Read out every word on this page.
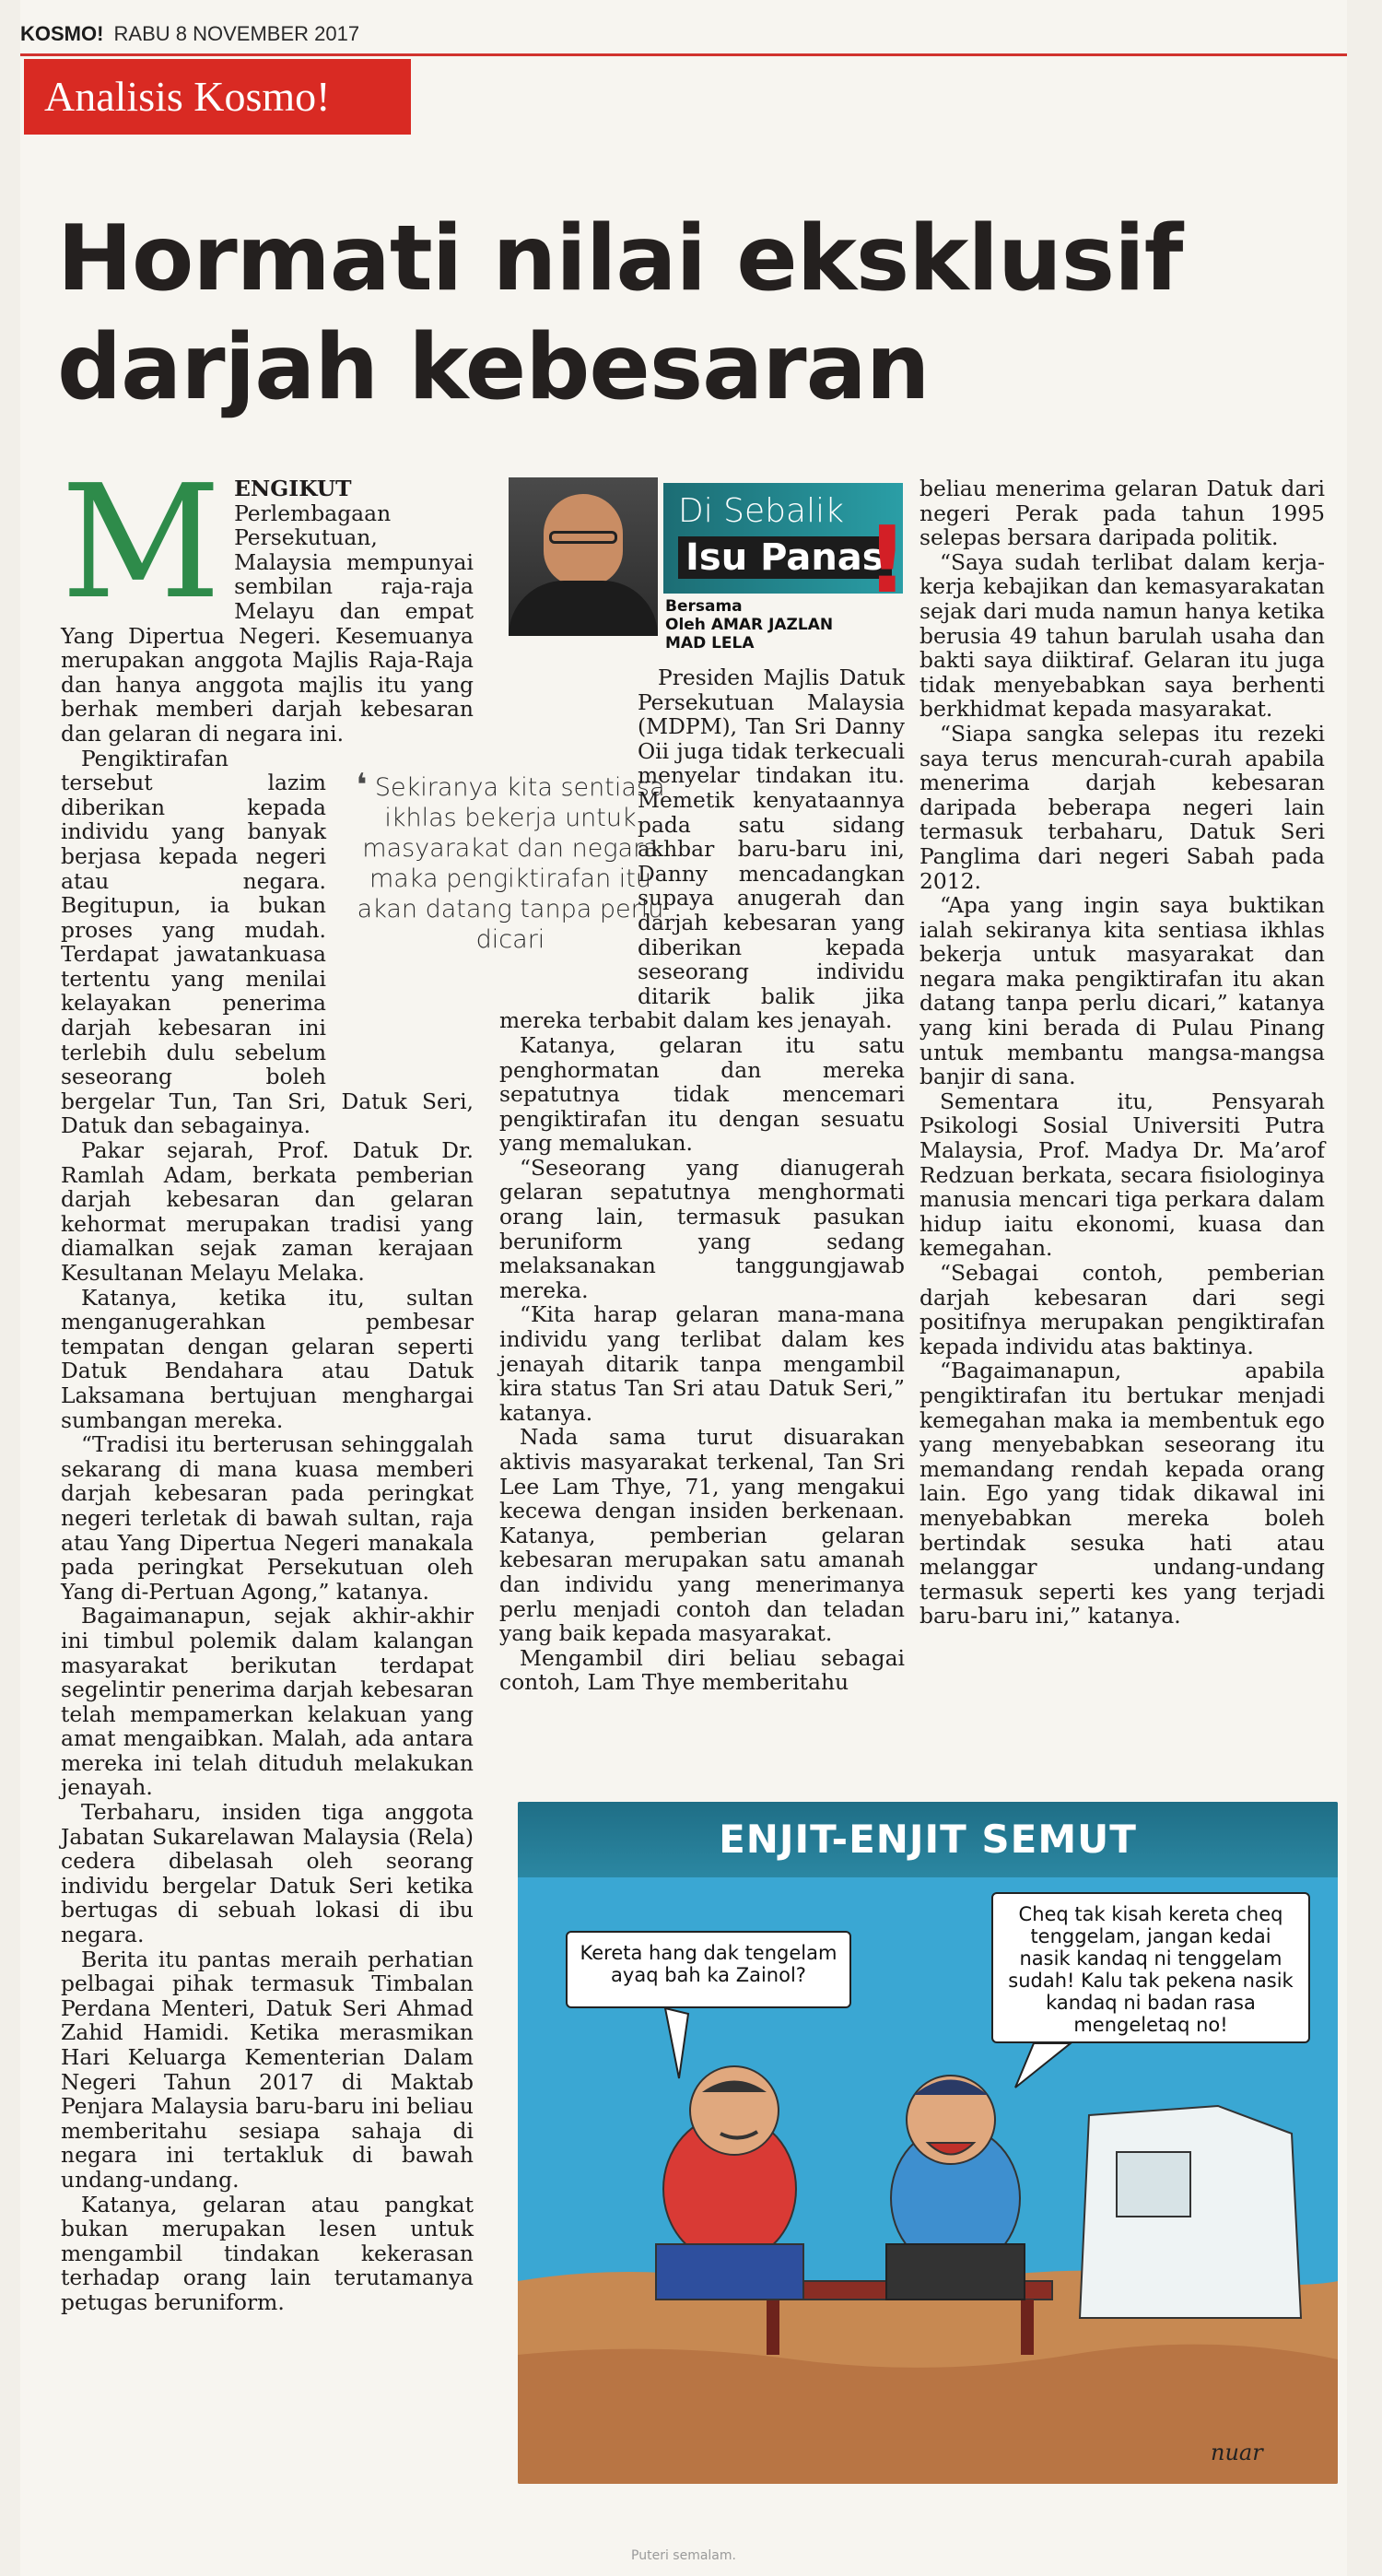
KOSMO! RABU 8 NOVEMBER 2017
Analisis Kosmo!
Hormati nilai eksklusif
darjah kebesaran
Di Sebalik
Isu Panas
!
Bersama
Oleh AMAR JAZLAN
MAD LELA

MENGIKUT Perlembagaan Persekutuan, Malaysia mempunyai sembilan raja-raja Melayu dan empat Yang Dipertua Negeri. Kesemuanya merupakan anggota Majlis Raja-Raja dan hanya anggota majlis itu yang berhak memberi darjah kebesaran dan gelaran di negara ini.

Pengiktirafan tersebut lazim diberikan kepada individu yang banyak berjasa kepada negeri atau negara. Begitupun, ia bukan proses yang mudah. Terdapat jawatankuasa tertentu yang menilai kelayakan penerima darjah kebesaran ini terlebih dulu sebelum seseorang boleh bergelar Tun, Tan Sri, Datuk Seri, Datuk dan sebagainya.

Pakar sejarah, Prof. Datuk Dr. Ramlah Adam, berkata pemberian darjah kebesaran dan gelaran kehormat merupakan tradisi yang diamalkan sejak zaman kerajaan Kesultanan Melayu Melaka.

Katanya, ketika itu, sultan menganugerahkan pembesar tempatan dengan gelaran seperti Datuk Bendahara atau Datuk Laksamana bertujuan menghargai sumbangan mereka.

“Tradisi itu berterusan sehinggalah sekarang di mana kuasa memberi darjah kebesaran pada peringkat negeri terletak di bawah sultan, raja atau Yang Dipertua Negeri manakala pada peringkat Persekutuan oleh Yang di-Pertuan Agong,” katanya.

Bagaimanapun, sejak akhir-akhir ini timbul polemik dalam kalangan masyarakat berikutan terdapat segelintir penerima darjah kebesaran telah mempamerkan kelakuan yang amat mengaibkan. Malah, ada antara mereka ini telah dituduh melakukan jenayah.

Terbaharu, insiden tiga anggota Jabatan Sukarelawan Malaysia (Rela) cedera dibelasah oleh seorang individu bergelar Datuk Seri ketika bertugas di sebuah lokasi di ibu negara.

Berita itu pantas meraih perhatian pelbagai pihak termasuk Timbalan Perdana Menteri, Datuk Seri Ahmad Zahid Hamidi. Ketika merasmikan Hari Keluarga Kementerian Dalam Negeri Tahun 2017 di Maktab Penjara Malaysia baru-baru ini beliau memberitahu sesiapa sahaja di negara ini tertakluk di bawah undang-undang.

Katanya, gelaran atau pangkat bukan merupakan lesen untuk mengambil tindakan kekerasan terhadap orang lain terutamanya petugas beruniform.

Presiden Majlis Datuk Persekutuan Malaysia (MDPM), Tan Sri Danny Oii juga tidak terkecuali menyelar tindakan itu. Memetik kenyataannya pada satu sidang akhbar baru-baru ini, Danny mencadangkan supaya anugerah dan darjah kebesaran yang diberikan kepada seseorang individu ditarik balik jika mereka terbabit dalam kes jenayah.

Katanya, gelaran itu satu penghormatan dan mereka sepatutnya tidak mencemari pengiktirafan itu dengan sesuatu yang memalukan.

“Seseorang yang dianugerah gelaran sepatutnya menghormati orang lain, termasuk pasukan beruniform yang sedang melaksanakan tanggungjawab mereka.

“Kita harap gelaran mana-mana individu yang terlibat dalam kes jenayah ditarik tanpa mengambil kira status Tan Sri atau Datuk Seri,” katanya.

Nada sama turut disuarakan aktivis masyarakat terkenal, Tan Sri Lee Lam Thye, 71, yang mengakui kecewa dengan insiden berkenaan. Katanya, pemberian gelaran kebesaran merupakan satu amanah dan individu yang menerimanya perlu menjadi contoh dan teladan yang baik kepada masyarakat.

Mengambil diri beliau sebagai contoh, Lam Thye memberitahu

❛ Sekiranya kita sentiasa ikhlas bekerja untuk masyarakat dan negara maka pengiktirafan itu akan datang tanpa perlu dicari

beliau menerima gelaran Datuk dari negeri Perak pada tahun 1995 selepas bersara daripada politik.

“Saya sudah terlibat dalam kerja-kerja kebajikan dan kemasyarakatan sejak dari muda namun hanya ketika berusia 49 tahun barulah usaha dan bakti saya diiktiraf. Gelaran itu juga tidak menyebabkan saya berhenti berkhidmat kepada masyarakat.

“Siapa sangka selepas itu rezeki saya terus mencurah-curah apabila menerima darjah kebesaran daripada beberapa negeri lain termasuk terbaharu, Datuk Seri Panglima dari negeri Sabah pada 2012.

“Apa yang ingin saya buktikan ialah sekiranya kita sentiasa ikhlas bekerja untuk masyarakat dan negara maka pengiktirafan itu akan datang tanpa perlu dicari,” katanya yang kini berada di Pulau Pinang untuk membantu mangsa-mangsa banjir di sana.

Sementara itu, Pensyarah Psikologi Sosial Universiti Putra Malaysia, Prof. Madya Dr. Ma’arof Redzuan berkata, secara fisiologinya manusia mencari tiga perkara dalam hidup iaitu ekonomi, kuasa dan kemegahan.

“Sebagai contoh, pemberian darjah kebesaran dari segi positifnya merupakan pengiktirafan kepada individu atas baktinya.

“Bagaimanapun, apabila pengiktirafan itu bertukar menjadi kemegahan maka ia membentuk ego yang menyebabkan seseorang itu memandang rendah kepada orang lain. Ego yang tidak dikawal ini menyebabkan mereka boleh bertindak sesuka hati atau melanggar undang-undang termasuk seperti kes yang terjadi baru-baru ini,” katanya.

ENJIT-ENJIT SEMUT
Kereta hang dak tengelam ayaq bah ka Zainol?
Cheq tak kisah kereta cheq tenggelam, jangan kedai nasik kandaq ni tenggelam sudah! Kalu tak pekena nasik kandaq ni badan rasa mengeletaq no!
nuar
Puteri semalam.
